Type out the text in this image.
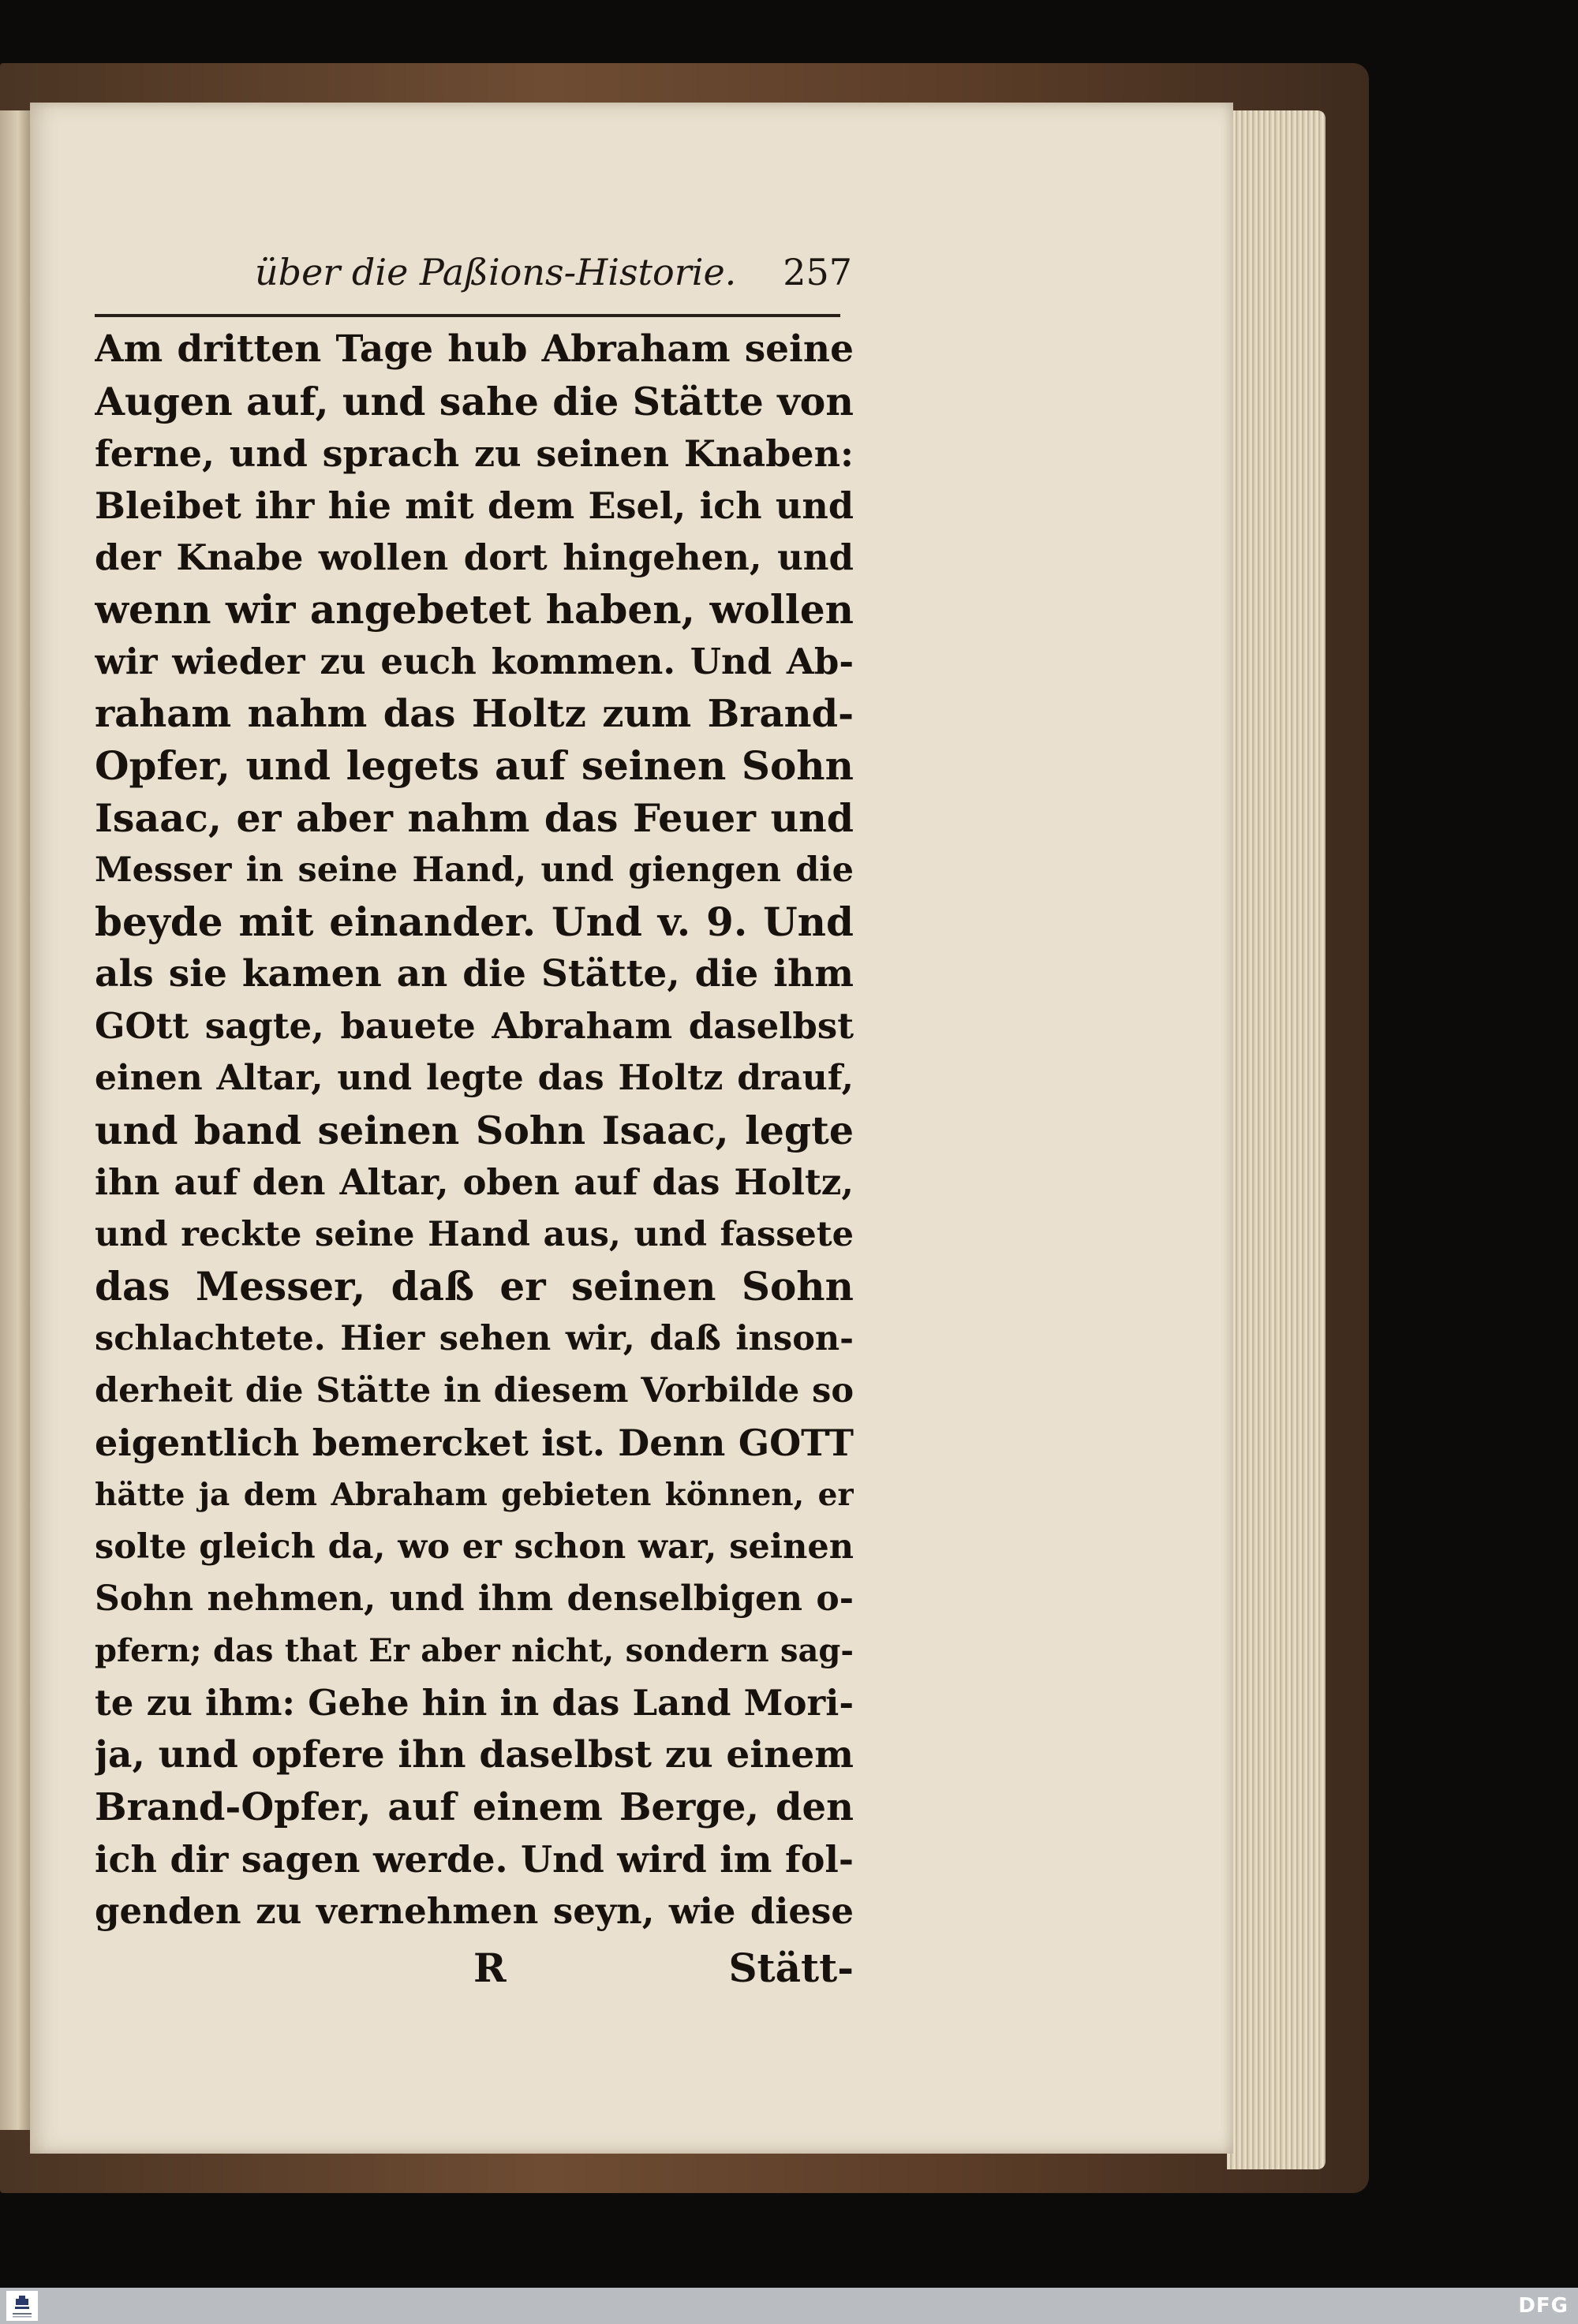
über die Paßions-Historie. 257
Am dritten Tage hub Abraham seine
Augen auf, und sahe die Stätte von
ferne, und sprach zu seinen Knaben:
Bleibet ihr hie mit dem Esel, ich und
der Knabe wollen dort hingehen, und
wenn wir angebetet haben, wollen
wir wieder zu euch kommen. Und Ab-
raham nahm das Holtz zum Brand-
Opfer, und legets auf seinen Sohn
Isaac, er aber nahm das Feuer und
Messer in seine Hand, und giengen die
beyde mit einander. Und v. 9. Und
als sie kamen an die Stätte, die ihm
GOtt sagte, bauete Abraham daselbst
einen Altar, und legte das Holtz drauf,
und band seinen Sohn Isaac, legte
ihn auf den Altar, oben auf das Holtz,
und reckte seine Hand aus, und fassete
das Messer, daß er seinen Sohn
schlachtete. Hier sehen wir, daß inson-
derheit die Stätte in diesem Vorbilde so
eigentlich bemercket ist. Denn GOTT
hätte ja dem Abraham gebieten können, er
solte gleich da, wo er schon war, seinen
Sohn nehmen, und ihm denselbigen o-
pfern; das that Er aber nicht, sondern sag-
te zu ihm: Gehe hin in das Land Mori-
ja, und opfere ihn daselbst zu einem
Brand-Opfer, auf einem Berge, den
ich dir sagen werde. Und wird im fol-
genden zu vernehmen seyn, wie diese
R	Stätt-
DFG
